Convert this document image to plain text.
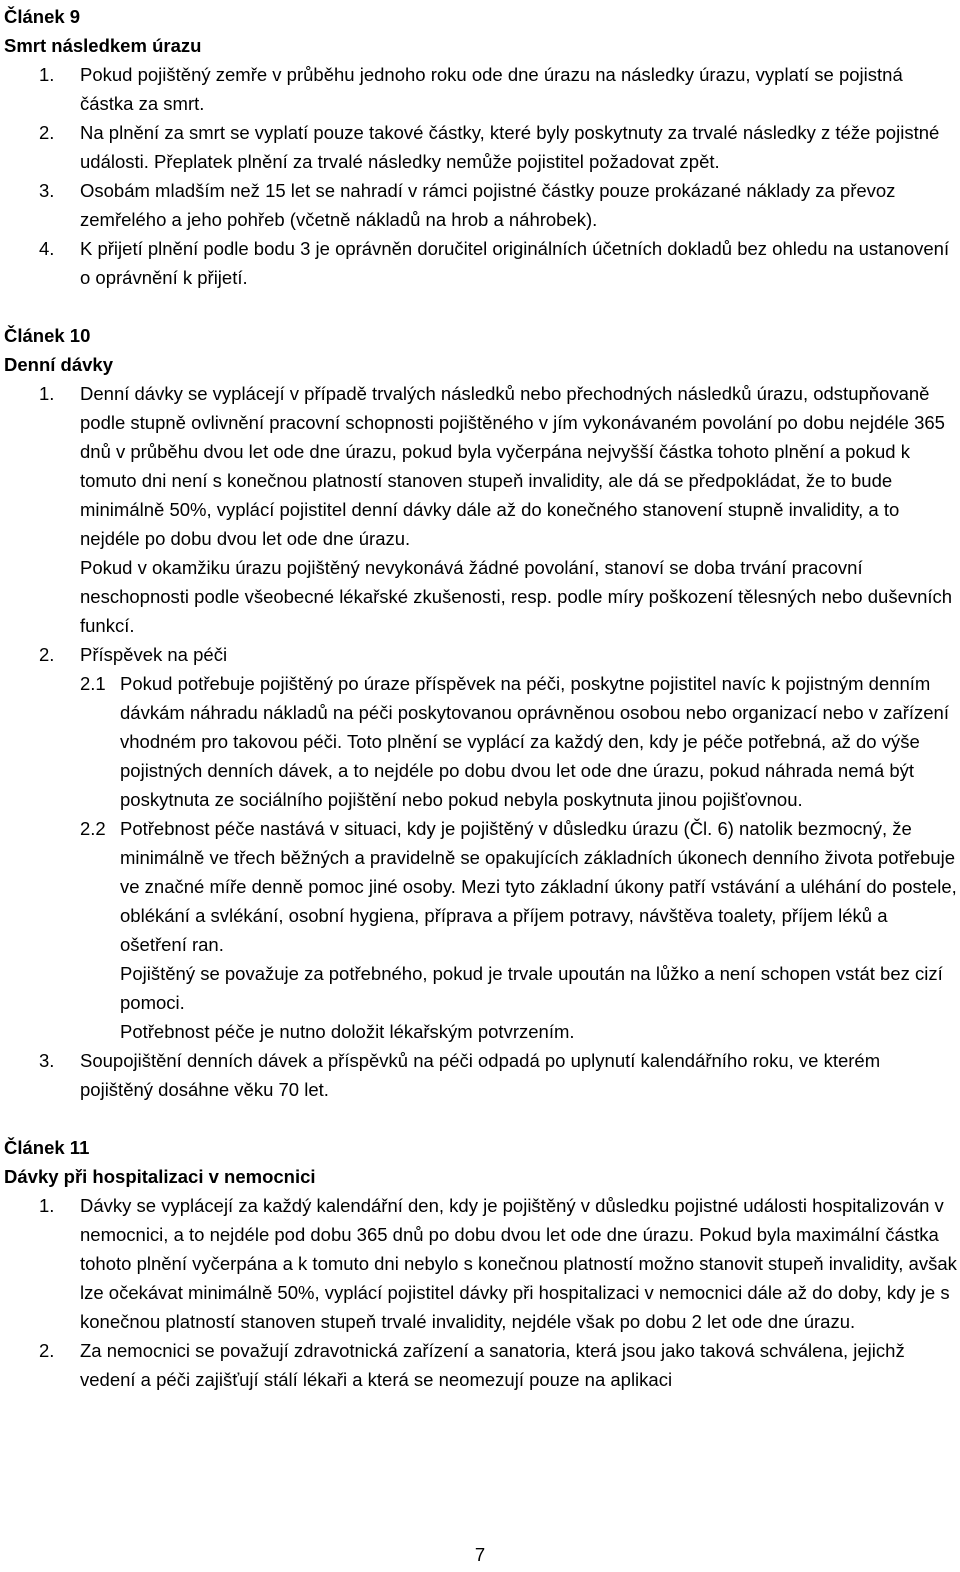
Článek 9
Smrt následkem úrazu
1. Pokud pojištěný zemře v průběhu jednoho roku ode dne úrazu na následky úrazu, vyplatí se pojistná částka za smrt.

2. Na plnění za smrt se vyplatí pouze takové částky, které byly poskytnuty za trvalé následky z téže pojistné události. Přeplatek plnění za trvalé následky nemůže pojistitel požadovat zpět.

3. Osobám mladším než 15 let se nahradí v rámci pojistné částky pouze prokázané náklady za převoz zemřelého a jeho pohřeb (včetně nákladů na hrob a náhrobek).

4. K přijetí plnění podle bodu 3 je oprávněn doručitel originálních účetních dokladů bez ohledu na ustanovení o oprávnění k přijetí.

Článek 10
Denní dávky
1. Denní dávky se vyplácejí v případě trvalých následků nebo přechodných následků úrazu, odstupňovaně podle stupně ovlivnění pracovní schopnosti pojištěného v jím vykonávaném povolání po dobu nejdéle 365 dnů v průběhu dvou let ode dne úrazu, pokud byla vyčerpána nejvyšší částka tohoto plnění a pokud k tomuto dni není s konečnou platností stanoven stupeň invalidity, ale dá se předpokládat, že to bude minimálně 50%, vyplácí pojistitel denní dávky dále až do konečného stanovení stupně invalidity, a to nejdéle po dobu dvou let ode dne úrazu.

Pokud v okamžiku úrazu pojištěný nevykonává žádné povolání, stanoví se doba trvání pracovní neschopnosti podle všeobecné lékařské zkušenosti, resp. podle míry poškození tělesných nebo duševních funkcí.

2. Příspěvek na péči

2.1 Pokud potřebuje pojištěný po úraze příspěvek na péči, poskytne pojistitel navíc k pojistným denním dávkám náhradu nákladů na péči poskytovanou oprávněnou osobou nebo organizací nebo v zařízení vhodném pro takovou péči. Toto plnění se vyplácí za každý den, kdy je péče potřebná, až do výše pojistných denních dávek, a to nejdéle po dobu dvou let ode dne úrazu, pokud náhrada nemá být poskytnuta ze sociálního pojištění nebo pokud nebyla poskytnuta jinou pojišťovnou.

2.2 Potřebnost péče nastává v situaci, kdy je pojištěný v důsledku úrazu (Čl. 6) natolik bezmocný, že minimálně ve třech běžných a pravidelně se opakujících základních úkonech denního života potřebuje ve značné míře denně pomoc jiné osoby. Mezi tyto základní úkony patří vstávání a uléhání do postele, oblékání a svlékání, osobní hygiena, příprava a příjem potravy, návštěva toalety, příjem léků a ošetření ran.

Pojištěný se považuje za potřebného, pokud je trvale upoután na lůžko a není schopen vstát bez cizí pomoci.

Potřebnost péče je nutno doložit lékařským potvrzením.

3. Soupojištění denních dávek a příspěvků na péči odpadá po uplynutí kalendářního roku, ve kterém pojištěný dosáhne věku 70 let.

Článek 11
Dávky při hospitalizaci v nemocnici
1. Dávky se vyplácejí za každý kalendářní den, kdy je pojištěný v důsledku pojistné události hospitalizován v nemocnici, a to nejdéle pod dobu 365 dnů po dobu dvou let ode dne úrazu. Pokud byla maximální částka tohoto plnění vyčerpána a k tomuto dni nebylo s konečnou platností možno stanovit stupeň invalidity, avšak lze očekávat minimálně 50%, vyplácí pojistitel dávky při hospitalizaci v nemocnici dále až do doby, kdy je s konečnou platností stanoven stupeň trvalé invalidity, nejdéle však po dobu 2 let ode dne úrazu.

2. Za nemocnici se považují zdravotnická zařízení a sanatoria, která jsou jako taková schválena, jejichž vedení a péči zajišťují stálí lékaři a která se neomezují pouze na aplikaci

7
